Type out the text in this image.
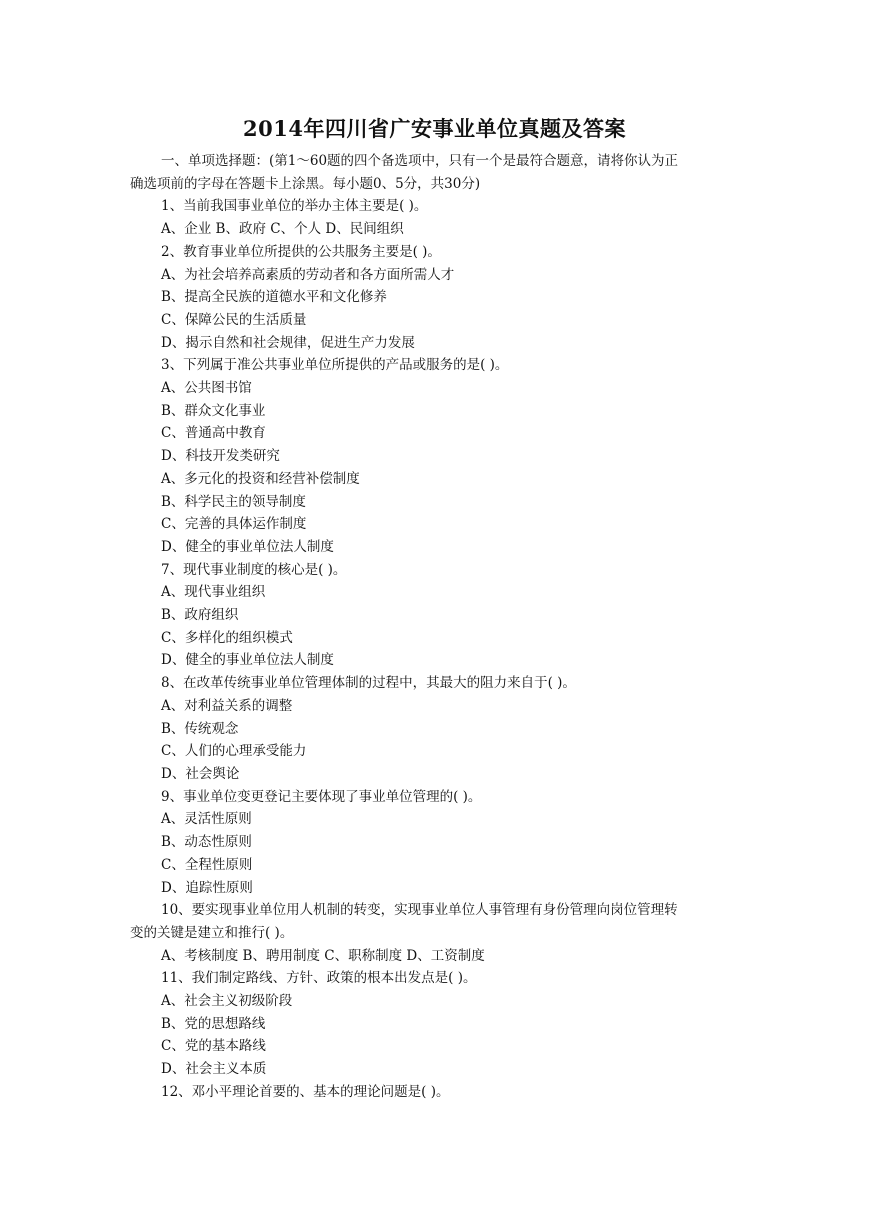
2014年四川省广安事业单位真题及答案
一、单项选择题：(第1～60题的四个备选项中，只有一个是最符合题意，请将你认为正
确选项前的字母在答题卡上涂黑。每小题0、5分，共30分)
1、当前我国事业单位的举办主体主要是( )。
A、企业 B、政府 C、个人 D、民间组织
2、教育事业单位所提供的公共服务主要是( )。
A、为社会培养高素质的劳动者和各方面所需人才
B、提高全民族的道德水平和文化修养
C、保障公民的生活质量
D、揭示自然和社会规律，促进生产力发展
3、下列属于准公共事业单位所提供的产品或服务的是( )。
A、公共图书馆
B、群众文化事业
C、普通高中教育
D、科技开发类研究
A、多元化的投资和经营补偿制度
B、科学民主的领导制度
C、完善的具体运作制度
D、健全的事业单位法人制度
7、现代事业制度的核心是( )。
A、现代事业组织
B、政府组织
C、多样化的组织模式
D、健全的事业单位法人制度
8、在改革传统事业单位管理体制的过程中，其最大的阻力来自于( )。
A、对利益关系的调整
B、传统观念
C、人们的心理承受能力
D、社会舆论
9、事业单位变更登记主要体现了事业单位管理的( )。
A、灵活性原则
B、动态性原则
C、全程性原则
D、追踪性原则
10、要实现事业单位用人机制的转变，实现事业单位人事管理有身份管理向岗位管理转
变的关键是建立和推行( )。
A、考核制度 B、聘用制度 C、职称制度 D、工资制度
11、我们制定路线、方针、政策的根本出发点是( )。
A、社会主义初级阶段
B、党的思想路线
C、党的基本路线
D、社会主义本质
12、邓小平理论首要的、基本的理论问题是( )。
